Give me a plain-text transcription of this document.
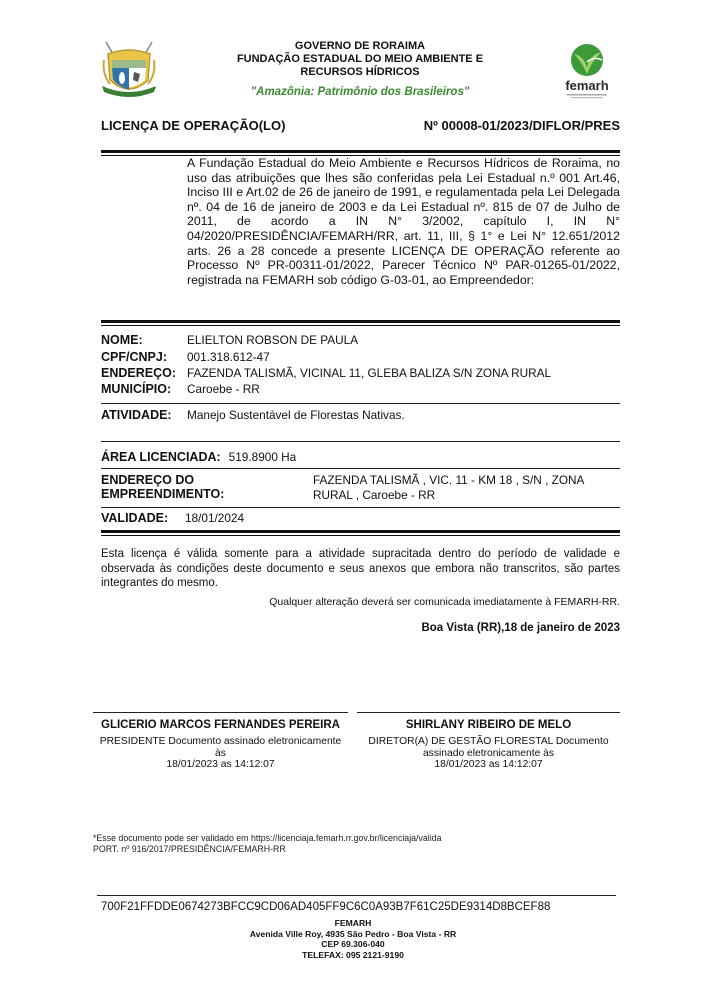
GOVERNO DE RORAIMA
FUNDAÇÃO ESTADUAL DO MEIO AMBIENTE E
RECURSOS HÍDRICOS
"Amazônia: Patrimônio dos Brasileiros"	femarh
LICENÇA DE OPERAÇÃO(LO)	Nº 00008-01/2023/DIFLOR/PRES
A Fundação Estadual do Meio Ambiente e Recursos Hídricos de Roraima, no uso das atribuições que lhes são conferidas pela Lei Estadual n.º 001 Art.46, Inciso III e Art.02 de 26 de janeiro de 1991, e regulamentada pela Lei Delegada nº. 04 de 16 de janeiro de 2003 e da Lei Estadual nº. 815 de 07 de Julho de 2011, de acordo a IN N° 3/2002, capítulo I, IN N° 04/2020/PRESIDÊNCIA/FEMARH/RR, art. 11, III, § 1° e Lei N° 12.651/2012 arts. 26 a 28 concede a presente LICENÇA DE OPERAÇÃO referente ao Processo Nº PR-00311-01/2022, Parecer Técnico Nº PAR-01265-01/2022, registrada na FEMARH sob código G-03-01, ao Empreendedor:
NOME:	ELIELTON ROBSON DE PAULA
CPF/CNPJ:	001.318.612-47
ENDEREÇO: FAZENDA TALISMÃ, VICINAL 11, GLEBA BALIZA S/N ZONA RURAL
MUNICÍPIO:	Caroebe - RR
ATIVIDADE:	Manejo Sustentável de Florestas Nativas.
ÁREA LICENCIADA: 519.8900 Ha
ENDEREÇO DO EMPREENDIMENTO:
FAZENDA TALISMÃ , VIC. 11 - KM 18 , S/N , ZONA RURAL , Caroebe - RR
VALIDADE:	18/01/2024
Esta licença é válida somente para a atividade supracitada dentro do período de validade e observada às condições deste documento e seus anexos que embora não transcritos, são partes integrantes do mesmo.
Qualquer alteração deverá ser comunicada imediatamente à FEMARH-RR.
Boa Vista (RR),18 de janeiro de 2023
GLICERIO MARCOS FERNANDES PEREIRA
PRESIDENTE Documento assinado eletronicamente às
18/01/2023 as 14:12:07
SHIRLANY RIBEIRO DE MELO
DIRETOR(A) DE GESTÃO FLORESTAL Documento assinado eletronicamente às
18/01/2023 as 14:12:07
*Esse documento pode ser validado em https://licenciaja.femarh.rr.gov.br/licenciaja/valida
PORT. nº 916/2017/PRESIDÊNCIA/FEMARH-RR
700F21FFDDE0674273BFCC9CD06AD405FF9C6C0A93B7F61C25DE9314D8BCEF88
FEMARH
Avenida Ville Roy, 4935 São Pedro - Boa Vista - RR
CEP 69.306-040
TELEFAX: 095 2121-9190
